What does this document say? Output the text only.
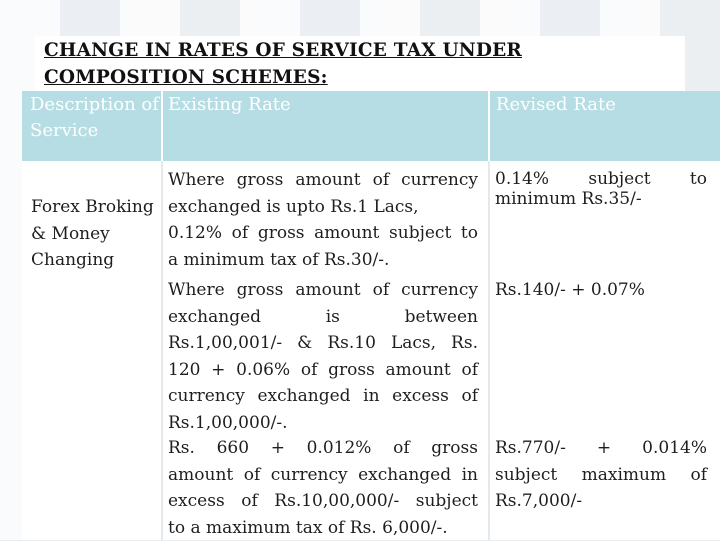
CHANGE IN RATES OF SERVICE TAX UNDER COMPOSITION SCHEMES:
Description of Service
Existing Rate	Revised Rate
Forex Broking & Money Changing
Where gross amount of currency
exchanged is upto Rs.1 Lacs,
0.12% of gross amount subject to
a minimum tax of Rs.30/-.
0.14% subject to
minimum Rs.35/-
Where gross amount of currency
exchanged is between
Rs.1,00,001/- & Rs.10 Lacs, Rs.
120 + 0.06% of gross amount of
currency exchanged in excess of
Rs.1,00,000/-.
Rs.140/- + 0.07%
Rs. 660 + 0.012% of gross
amount of currency exchanged in
excess of Rs.10,00,000/- subject
to a maximum tax of Rs. 6,000/-.
Rs.770/- + 0.014%
subject maximum of
Rs.7,000/-
